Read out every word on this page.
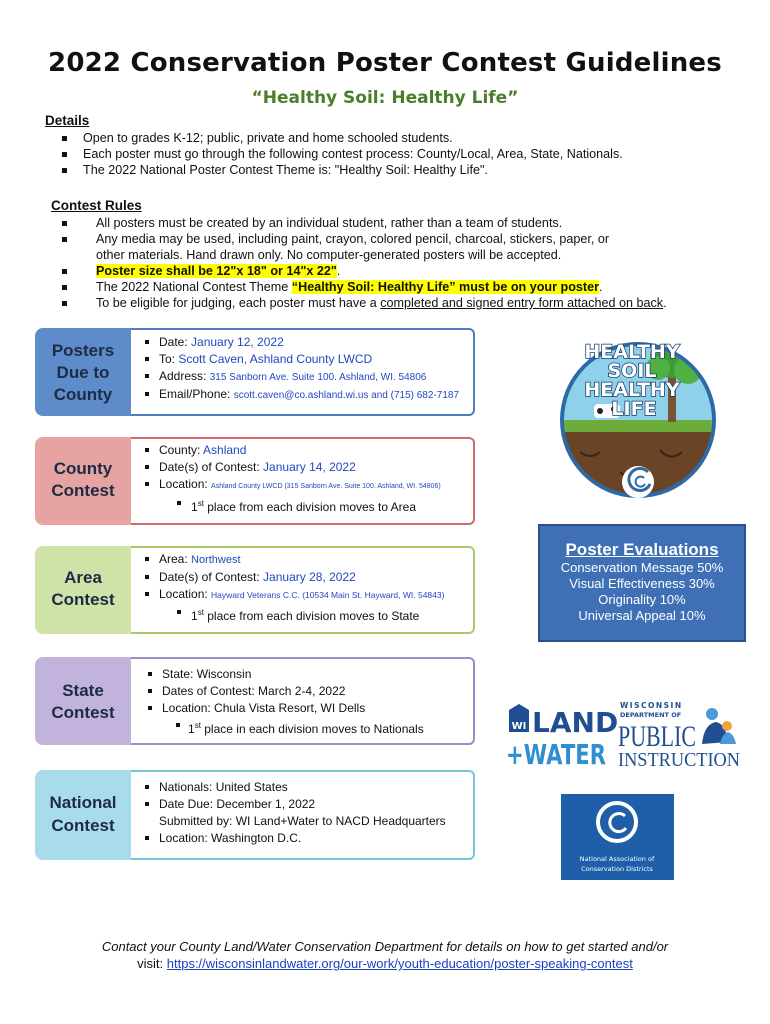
2022 Conservation Poster Contest Guidelines
“Healthy Soil: Healthy Life”
Details
Open to grades K-12; public, private and home schooled students.
Each poster must go through the following contest process: County/Local, Area, State, Nationals.
The 2022 National Poster Contest Theme is: "Healthy Soil: Healthy Life".
Contest Rules
All posters must be created by an individual student, rather than a team of students.
Any media may be used, including paint, crayon, colored pencil, charcoal, stickers, paper, or
other materials. Hand drawn only. No computer-generated posters will be accepted.
Poster size shall be 12"x 18" or 14"x 22".
The 2022 National Contest Theme “Healthy Soil: Healthy Life” must be on your poster.
To be eligible for judging, each poster must have a completed and signed entry form attached on back.
Posters
Due to
County
Date: January 12, 2022
To: Scott Caven, Ashland County LWCD
Address: 315 Sanborn Ave. Suite 100. Ashland, WI. 54806
Email/Phone: scott.caven@co.ashland.wi.us and (715) 682-7187
County
Contest
County: Ashland
Date(s) of Contest: January 14, 2022
Location: Ashland County LWCD (315 Sanborn Ave. Suite 100. Ashland, WI. 54806)
1st place from each division moves to Area
Area
Contest
Area: Northwest
Date(s) of Contest: January 28, 2022
Location: Hayward Veterans C.C. (10534 Main St. Hayward, WI. 54843)
1st place from each division moves to State
State
Contest
State: Wisconsin
Dates of Contest: March 2-4, 2022
Location: Chula Vista Resort, WI Dells
1st place in each division moves to Nationals
National
Contest
Nationals: United States
Date Due: December 1, 2022
Submitted by: WI Land+Water to NACD Headquarters
Location: Washington D.C.
HEALTHY
SOIL
HEALTHY
LIFE
Poster Evaluations
Conservation Message 50%
Visual Effectiveness 30%
Originality 10%
Universal Appeal 10%
WI LAND
+WATER
WISCONSIN
DEPARTMENT OF
PUBLIC
INSTRUCTION
National Association of
Conservation Districts
Contact your County Land/Water Conservation Department for details on how to get started and/or
visit: https://wisconsinlandwater.org/our-work/youth-education/poster-speaking-contest
